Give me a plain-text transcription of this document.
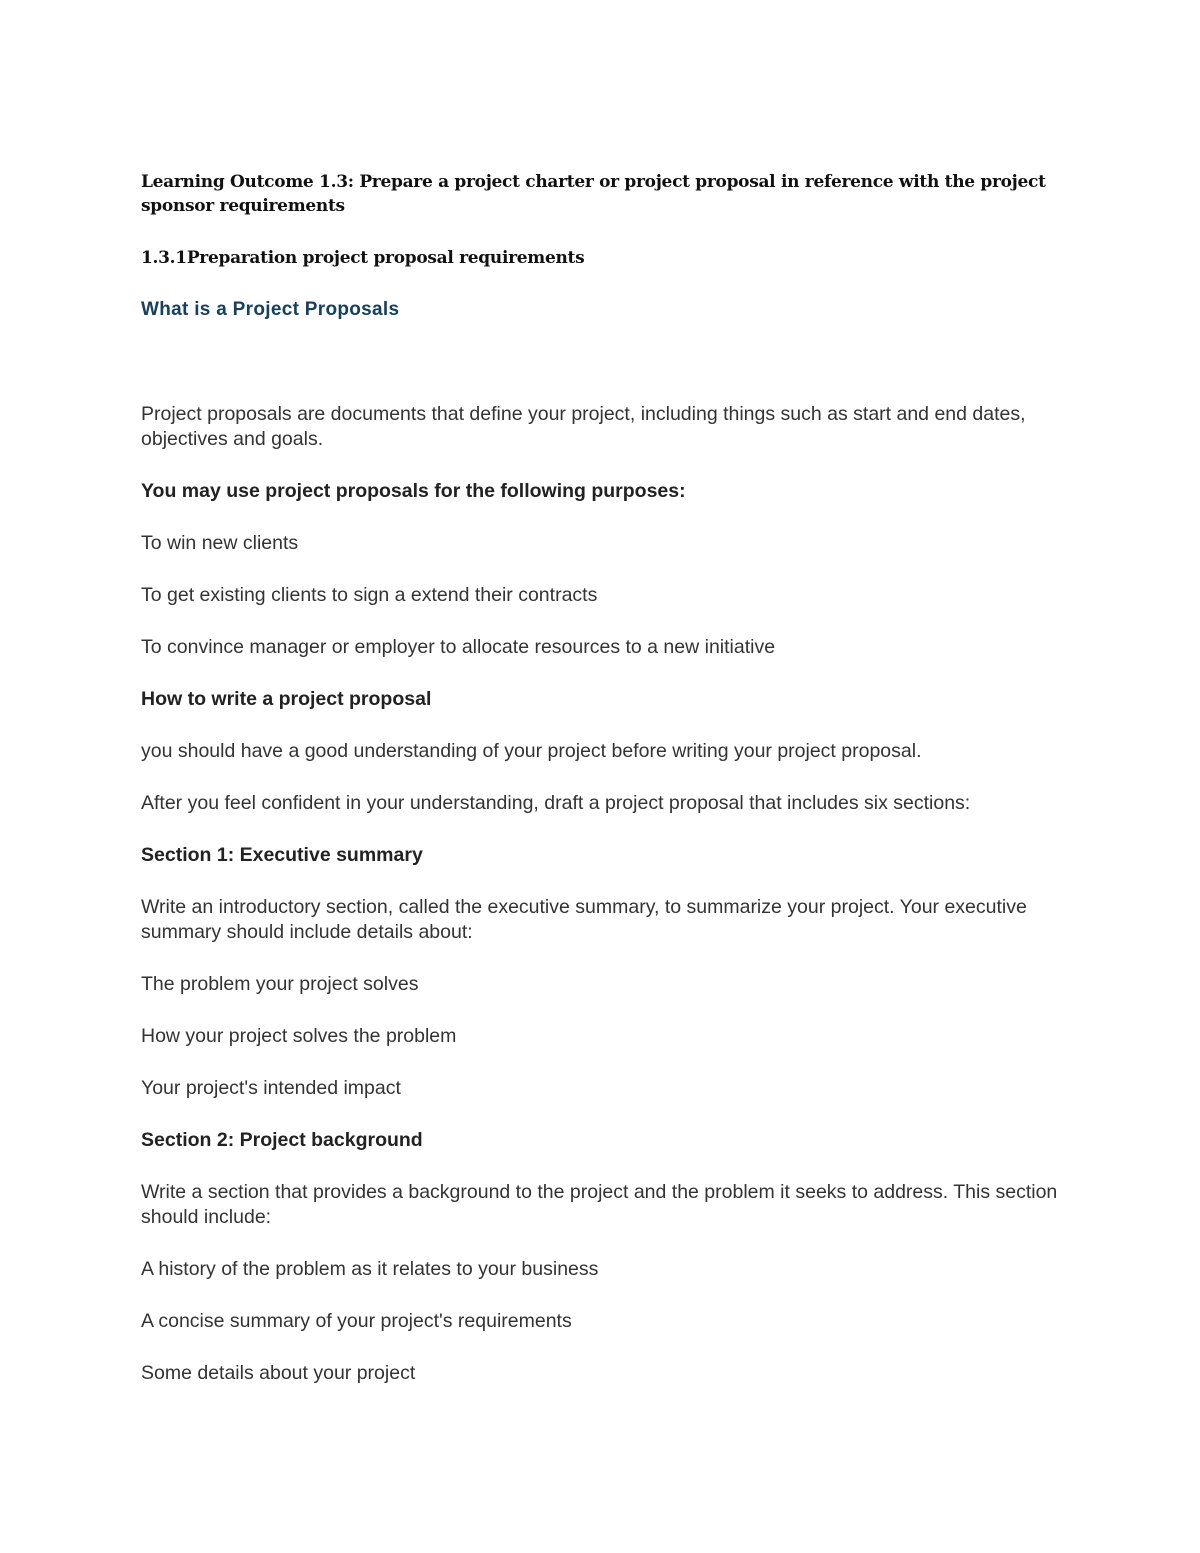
Learning Outcome 1.3: Prepare a project charter or project proposal in reference with the project sponsor requirements

1.3.1Preparation project proposal requirements

What is a Project Proposals

Project proposals are documents that define your project, including things such as start and end dates, objectives and goals.

You may use project proposals for the following purposes:

To win new clients

To get existing clients to sign a extend their contracts

To convince manager or employer to allocate resources to a new initiative

How to write a project proposal

you should have a good understanding of your project before writing your project proposal.

After you feel confident in your understanding, draft a project proposal that includes six sections:

Section 1: Executive summary

Write an introductory section, called the executive summary, to summarize your project. Your executive summary should include details about:

The problem your project solves

How your project solves the problem

Your project's intended impact

Section 2: Project background

Write a section that provides a background to the project and the problem it seeks to address. This section should include:

A history of the problem as it relates to your business

A concise summary of your project's requirements

Some details about your project
